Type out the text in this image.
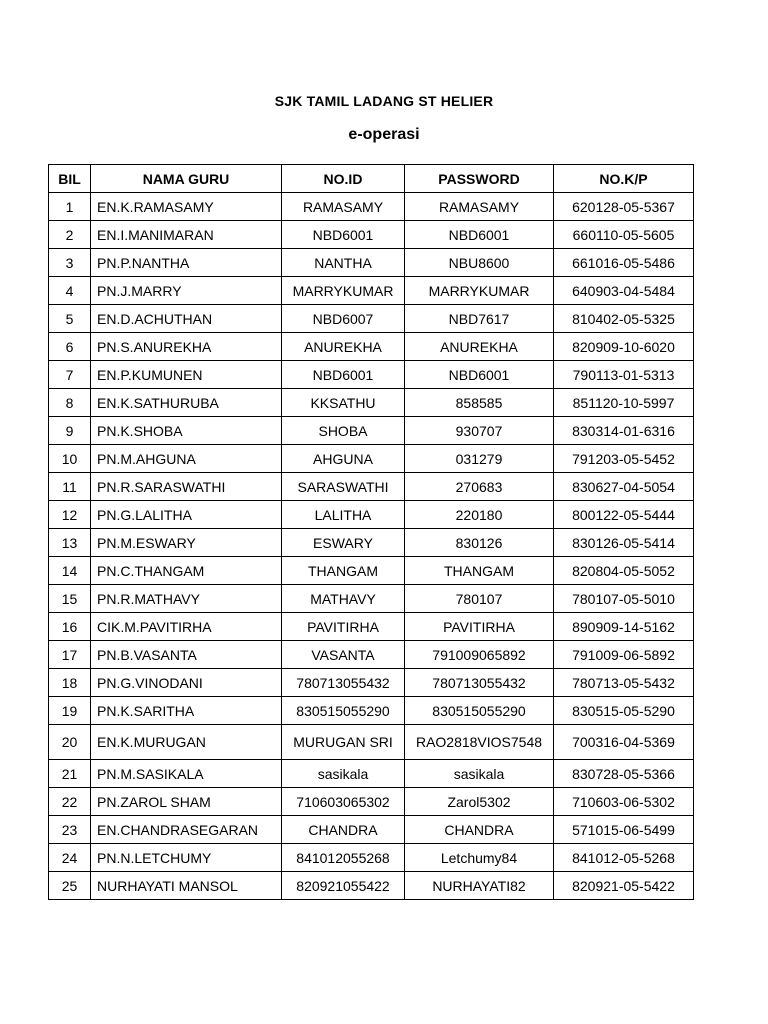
SJK TAMIL LADANG ST HELIER
e-operasi
BIL	NAMA GURU	NO.ID	PASSWORD	NO.K/P
1	EN.K.RAMASAMY	RAMASAMY	RAMASAMY	620128-05-5367
2	EN.I.MANIMARAN	NBD6001	NBD6001	660110-05-5605
3	PN.P.NANTHA	NANTHA	NBU8600	661016-05-5486
4	PN.J.MARRY	MARRYKUMAR	MARRYKUMAR	640903-04-5484
5	EN.D.ACHUTHAN	NBD6007	NBD7617	810402-05-5325
6	PN.S.ANUREKHA	ANUREKHA	ANUREKHA	820909-10-6020
7	EN.P.KUMUNEN	NBD6001	NBD6001	790113-01-5313
8	EN.K.SATHURUBA	KKSATHU	858585	851120-10-5997
9	PN.K.SHOBA	SHOBA	930707	830314-01-6316
10	PN.M.AHGUNA	AHGUNA	031279	791203-05-5452
11	PN.R.SARASWATHI	SARASWATHI	270683	830627-04-5054
12	PN.G.LALITHA	LALITHA	220180	800122-05-5444
13	PN.M.ESWARY	ESWARY	830126	830126-05-5414
14	PN.C.THANGAM	THANGAM	THANGAM	820804-05-5052
15	PN.R.MATHAVY	MATHAVY	780107	780107-05-5010
16	CIK.M.PAVITIRHA	PAVITIRHA	PAVITIRHA	890909-14-5162
17	PN.B.VASANTA	VASANTA	791009065892	791009-06-5892
18	PN.G.VINODANI	780713055432	780713055432	780713-05-5432
19	PN.K.SARITHA	830515055290	830515055290	830515-05-5290
20	EN.K.MURUGAN	MURUGAN SRI	RAO2818VIOS7548	700316-04-5369
21	PN.M.SASIKALA	sasikala	sasikala	830728-05-5366
22	PN.ZAROL SHAM	710603065302	Zarol5302	710603-06-5302
23	EN.CHANDRASEGARAN	CHANDRA	CHANDRA	571015-06-5499
24	PN.N.LETCHUMY	841012055268	Letchumy84	841012-05-5268
25	NURHAYATI MANSOL	820921055422	NURHAYATI82	820921-05-5422
